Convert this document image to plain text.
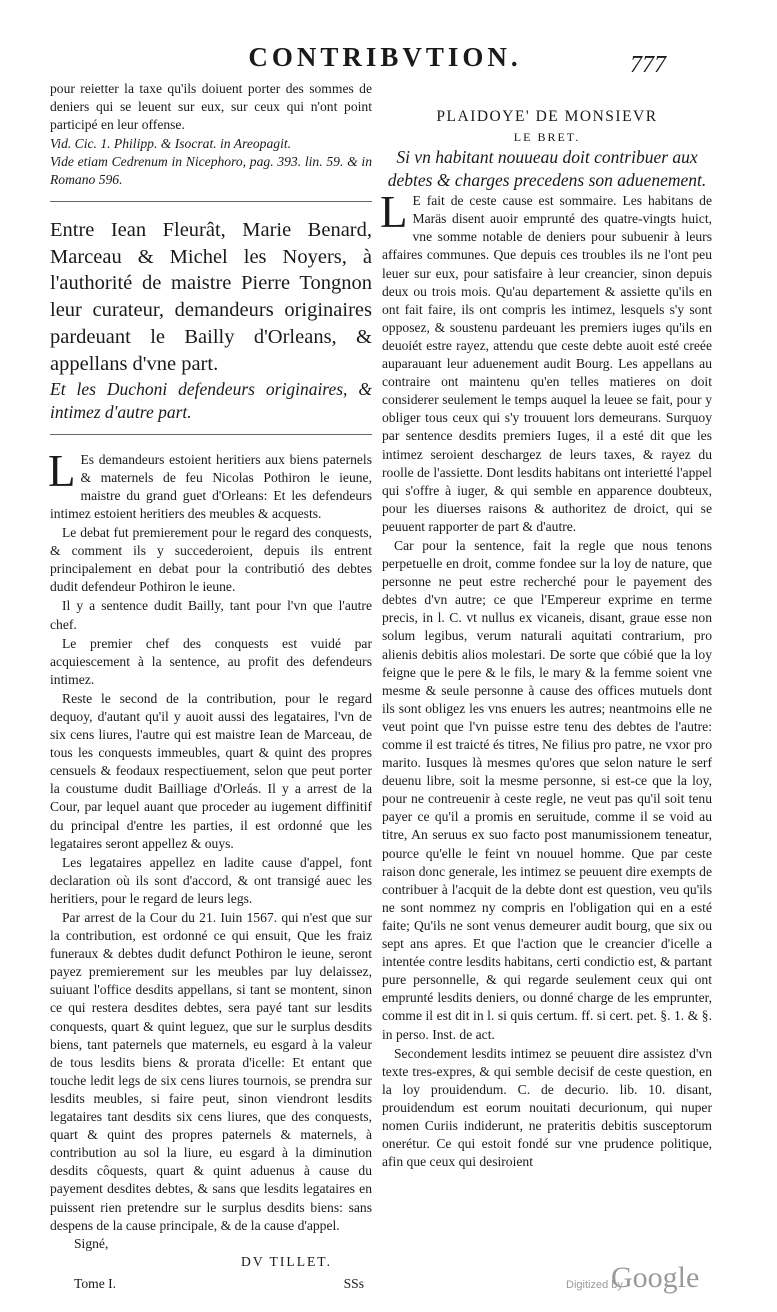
CONTRIBVTION.	777

pour reietter la taxe qu'ils doiuent porter des sommes de deniers qui se leuent sur eux, sur ceux qui n'ont point participé en leur offense.

Vid. Cic. 1. Philipp. & Isocrat. in Areopagit.

Vide etiam Cedrenum in Nicephoro, pag. 393. lin. 59. & in Romano 596.

Entre Iean Fleurât, Marie Benard, Marceau & Michel les Noyers, à l'authorité de maistre Pierre Tongnon leur curateur, demandeurs originaires pardeuant le Bailly d'Orleans, & appellans d'vne part.

Et les Duchoni defendeurs originaires, & intimez d'autre part.

L Es demandeurs estoient heritiers aux biens paternels & maternels de feu Nicolas Pothiron le ieune, maistre du grand guet d'Orleans: Et les defendeurs intimez estoient heritiers des meubles & acquests.

Le debat fut premierement pour le regard des conquests, & comment ils y succederoient, depuis ils entrent principalement en debat pour la contributió des debtes dudit defendeur Pothiron le ieune.

Il y a sentence dudit Bailly, tant pour l'vn que l'autre chef.

Le premier chef des conquests est vuidé par acquiescement à la sentence, au profit des defendeurs intimez.

Reste le second de la contribution, pour le regard dequoy, d'autant qu'il y auoit aussi des legataires, l'vn de six cens liures, l'autre qui est maistre Iean de Marceau, de tous les conquests immeubles, quart & quint des propres censuels & feodaux respectiuement, selon que peut porter la coustume dudit Bailliage d'Orleás. Il y a arrest de la Cour, par lequel auant que proceder au iugement diffinitif du principal d'entre les parties, il est ordonné que les legataires seront appellez & ouys.

Les legataires appellez en ladite cause d'appel, font declaration où ils sont d'accord, & ont transigé auec les heritiers, pour le regard de leurs legs.

Par arrest de la Cour du 21. Iuin 1567. qui n'est que sur la contribution, est ordonné ce qui ensuit, Que les fraiz funeraux & debtes dudit defunct Pothiron le ieune, seront payez premierement sur les meubles par luy delaissez, suiuant l'office desdits appellans, si tant se montent, sinon ce qui restera desdites debtes, sera payé tant sur lesdits conquests, quart & quint leguez, que sur le surplus desdits biens, tant paternels que maternels, eu esgard à la valeur de tous lesdits biens & prorata d'icelle: Et entant que touche ledit legs de six cens liures tournois, se prendra sur lesdits meubles, si faire peut, sinon viendront lesdits legataires tant desdits six cens liures, que des conquests, quart & quint des propres paternels & maternels, à contribution au sol la liure, eu esgard à la diminution desdits côquests, quart & quint aduenus à cause du payement desdites debtes, & sans que lesdits legataires en puissent rien pretendre sur le surplus desdits biens: sans despens de la cause principale, & de la cause d'appel.

Signé,

DV TILLET.

Tome I.	SSs
PLAIDOYE' DE MONSIEVR
LE BRET.

Si vn habitant nouueau doit contribuer aux debtes & charges precedens son aduenement.

L E fait de ceste cause est sommaire. Les habitans de Maräs disent auoir emprunté des quatre-vingts huict, vne somme notable de deniers pour subuenir à leurs affaires communes. Que depuis ces troubles ils ne l'ont peu leuer sur eux, pour satisfaire à leur creancier, sinon depuis deux ou trois mois. Qu'au departement & assiette qu'ils en ont fait faire, ils ont compris les intimez, lesquels s'y sont opposez, & soustenu pardeuant les premiers iuges qu'ils en deuoiét estre rayez, attendu que ceste debte auoit esté creée auparauant leur aduenement audit Bourg. Les appellans au contraire ont maintenu qu'en telles matieres on doit considerer seulement le temps auquel la leuee se fait, pour y obliger tous ceux qui s'y trouuent lors demeurans. Surquoy par sentence desdits premiers Iuges, il a esté dit que les intimez seroient deschargez de leurs taxes, & rayez du roolle de l'assiette. Dont lesdits habitans ont interietté l'appel qui s'offre à iuger, & qui semble en apparence doubteux, pour les diuerses raisons & authoritez de droict, qui se peuuent rapporter de part & d'autre.

Car pour la sentence, fait la regle que nous tenons perpetuelle en droit, comme fondee sur la loy de nature, que personne ne peut estre recherché pour le payement des debtes d'vn autre; ce que l'Empereur exprime en terme precis, in l. C. vt nullus ex vicaneis, disant, graue esse non solum legibus, verum naturali aquitati contrarium, pro alienis debitis alios molestari. De sorte que cóbié que la loy feigne que le pere & le fils, le mary & la femme soient vne mesme & seule personne à cause des offices mutuels dont ils sont obligez les vns enuers les autres; neantmoins elle ne veut point que l'vn puisse estre tenu des debtes de l'autre: comme il est traicté és titres, Ne filius pro patre, ne vxor pro marito. Iusques là mesmes qu'ores que selon nature le serf deuenu libre, soit la mesme personne, si est-ce que la loy, pour ne contreuenir à ceste regle, ne veut pas qu'il soit tenu payer ce qu'il a promis en seruitude, comme il se void au titre, An seruus ex suo facto post manumissionem teneatur, pource qu'elle le feint vn nouuel homme. Que par ceste raison donc generale, les intimez se peuuent dire exempts de contribuer à l'acquit de la debte dont est question, veu qu'ils ne sont nommez ny compris en l'obligation qui en a esté faite; Qu'ils ne sont venus demeurer audit bourg, que six ou sept ans apres. Et que l'action que le creancier d'icelle a intentée contre lesdits habitans, certi condictio est, & partant pure personnelle, & qui regarde seulement ceux qui ont emprunté lesdits deniers, ou donné charge de les emprunter, comme il est dit in l. si quis certum. ff. si cert. pet. §. 1. & §. in perso. Inst. de act.

Secondement lesdits intimez se peuuent dire assistez d'vn texte tres-expres, & qui semble decisif de ceste question, en la loy prouidendum. C. de decurio. lib. 10. disant, prouidendum est eorum nouitati decurionum, qui nuper nomen Curiis indiderunt, ne prateritis debitis susceptorum onerétur. Ce qui estoit fondé sur vne prudence politique, afin que ceux qui desiroient

Digitized by
Google
